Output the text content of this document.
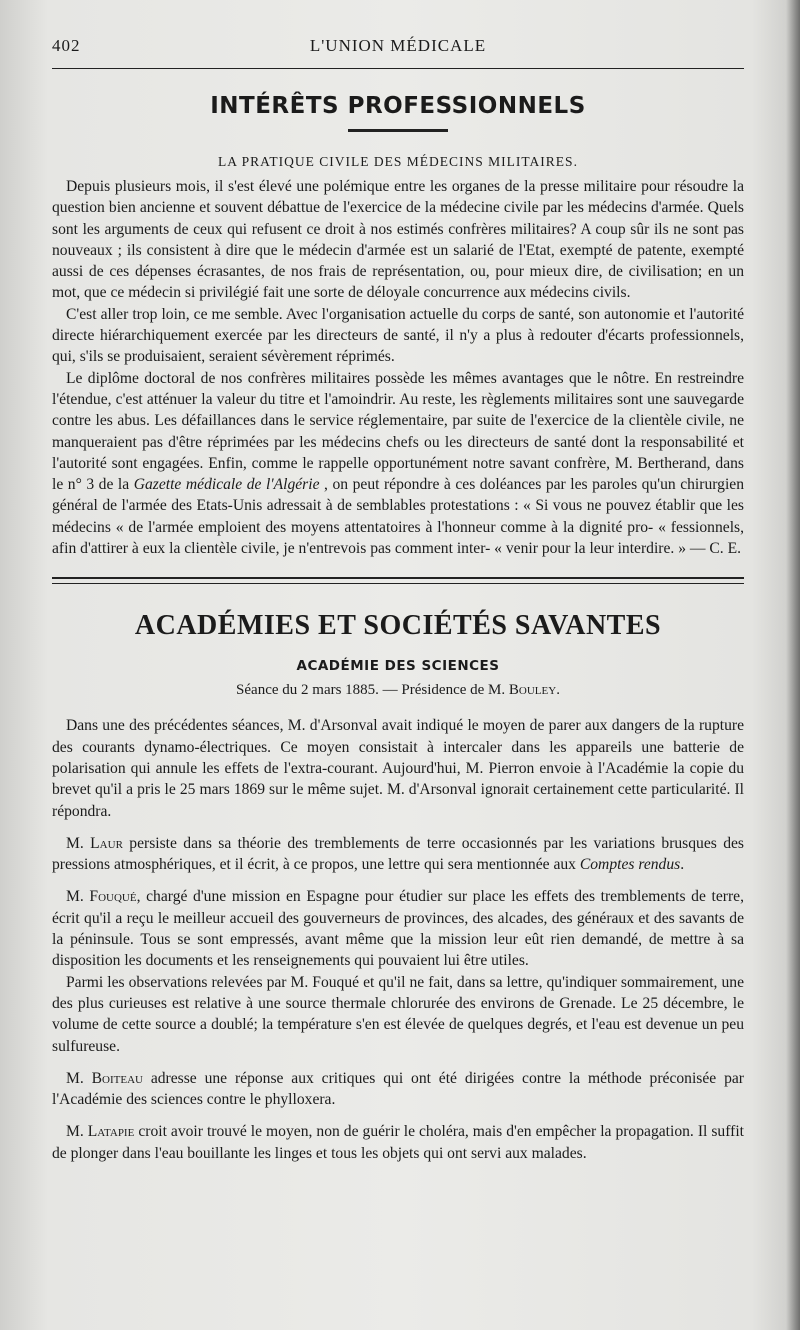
402	L'UNION MÉDICALE
INTÉRÊTS PROFESSIONNELS
LA PRATIQUE CIVILE DES MÉDECINS MILITAIRES.

Depuis plusieurs mois, il s'est élevé une polémique entre les organes de la presse militaire pour résoudre la question bien ancienne et souvent débattue de l'exercice de la médecine civile par les médecins d'armée. Quels sont les arguments de ceux qui refusent ce droit à nos estimés confrères militaires? A coup sûr ils ne sont pas nouveaux ; ils consistent à dire que le médecin d'armée est un salarié de l'Etat, exempté de patente, exempté aussi de ces dépenses écrasantes, de nos frais de représentation, ou, pour mieux dire, de civilisation; en un mot, que ce médecin si privilégié fait une sorte de déloyale concurrence aux médecins civils.

C'est aller trop loin, ce me semble. Avec l'organisation actuelle du corps de santé, son autonomie et l'autorité directe hiérarchiquement exercée par les directeurs de santé, il n'y a plus à redouter d'écarts professionnels, qui, s'ils se produisaient, seraient sévèrement réprimés.

Le diplôme doctoral de nos confrères militaires possède les mêmes avantages que le nôtre. En restreindre l'étendue, c'est atténuer la valeur du titre et l'amoindrir. Au reste, les règlements militaires sont une sauvegarde contre les abus. Les défaillances dans le service réglementaire, par suite de l'exercice de la clientèle civile, ne manqueraient pas d'être réprimées par les médecins chefs ou les directeurs de santé dont la responsabilité et l'autorité sont engagées. Enfin, comme le rappelle opportunément notre savant confrère, M. Bertherand, dans le n° 3 de la Gazette médicale de l'Algérie , on peut répondre à ces doléances par les paroles qu'un chirurgien général de l'armée des Etats-Unis adressait à de semblables protestations : « Si vous ne pouvez établir que les médecins « de l'armée emploient des moyens attentatoires à l'honneur comme à la dignité pro- « fessionnels, afin d'attirer à eux la clientèle civile, je n'entrevois pas comment inter- « venir pour la leur interdire. » — C. E.

ACADÉMIES ET SOCIÉTÉS SAVANTES
ACADÉMIE DES SCIENCES
Séance du 2 mars 1885. — Présidence de M. Bouley.

Dans une des précédentes séances, M. d'Arsonval avait indiqué le moyen de parer aux dangers de la rupture des courants dynamo-électriques. Ce moyen consistait à intercaler dans les appareils une batterie de polarisation qui annule les effets de l'extra-courant. Aujourd'hui, M. Pierron envoie à l'Académie la copie du brevet qu'il a pris le 25 mars 1869 sur le même sujet. M. d'Arsonval ignorait certainement cette particularité. Il répondra.

M. Laur persiste dans sa théorie des tremblements de terre occasionnés par les variations brusques des pressions atmosphériques, et il écrit, à ce propos, une lettre qui sera mentionnée aux Comptes rendus.

M. Fouqué, chargé d'une mission en Espagne pour étudier sur place les effets des tremblements de terre, écrit qu'il a reçu le meilleur accueil des gouverneurs de provinces, des alcades, des généraux et des savants de la péninsule. Tous se sont empressés, avant même que la mission leur eût rien demandé, de mettre à sa disposition les documents et les renseignements qui pouvaient lui être utiles.

Parmi les observations relevées par M. Fouqué et qu'il ne fait, dans sa lettre, qu'indiquer sommairement, une des plus curieuses est relative à une source thermale chlorurée des environs de Grenade. Le 25 décembre, le volume de cette source a doublé; la température s'en est élevée de quelques degrés, et l'eau est devenue un peu sulfureuse.

M. Boiteau adresse une réponse aux critiques qui ont été dirigées contre la méthode préconisée par l'Académie des sciences contre le phylloxera.

M. Latapie croit avoir trouvé le moyen, non de guérir le choléra, mais d'en empêcher la propagation. Il suffit de plonger dans l'eau bouillante les linges et tous les objets qui ont servi aux malades.
